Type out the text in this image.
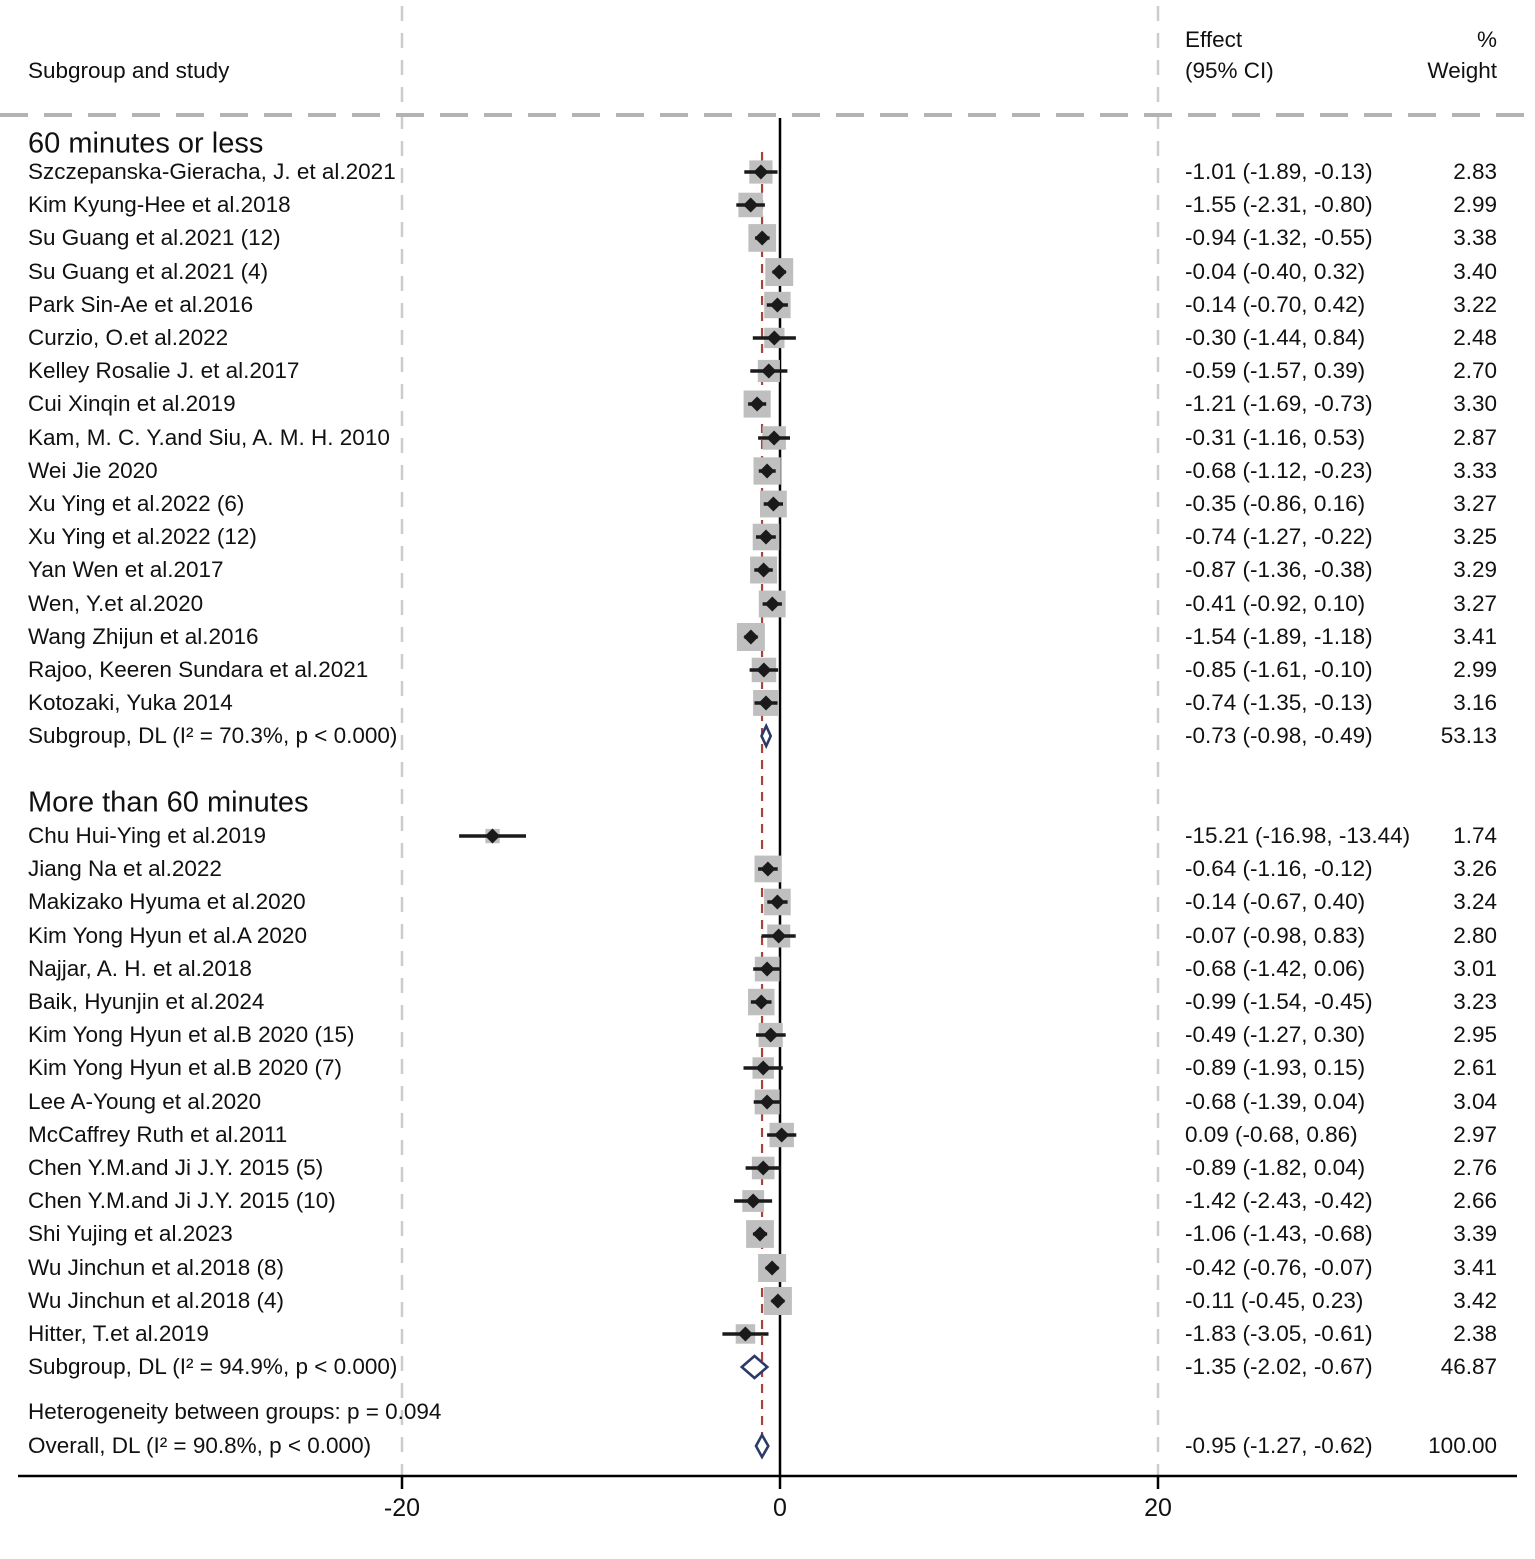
Subgroup and study
Effect
(95% CI)
%
Weight
60 minutes or less
More than 60 minutes
Heterogeneity between groups: p = 0.094
Overall, DL (I² = 90.8%, p < 0.000)	-0.95 (-1.27, -0.62) 100.00
-20	0	20
Szczepanska-Gieracha, J. et al.2021	-1.01 (-1.89, -0.13)	2.83
Kim Kyung-Hee et al.2018	-1.55 (-2.31, -0.80)	2.99
Su Guang et al.2021 (12)	-0.94 (-1.32, -0.55)	3.38
Su Guang et al.2021 (4)	-0.04 (-0.40, 0.32)	3.40
Park Sin-Ae et al.2016	-0.14 (-0.70, 0.42)	3.22
Curzio, O.et al.2022	-0.30 (-1.44, 0.84)	2.48
Kelley Rosalie J. et al.2017	-0.59 (-1.57, 0.39)	2.70
Cui Xinqin et al.2019	-1.21 (-1.69, -0.73)	3.30
Kam, M. C. Y.and Siu, A. M. H. 2010	-0.31 (-1.16, 0.53)	2.87
Wei Jie 2020	-0.68 (-1.12, -0.23)	3.33
Xu Ying et al.2022 (6)	-0.35 (-0.86, 0.16)	3.27
Xu Ying et al.2022 (12)	-0.74 (-1.27, -0.22)	3.25
Yan Wen et al.2017	-0.87 (-1.36, -0.38)	3.29
Wen, Y.et al.2020	-0.41 (-0.92, 0.10)	3.27
Wang Zhijun et al.2016	-1.54 (-1.89, -1.18)	3.41
Rajoo, Keeren Sundara et al.2021	-0.85 (-1.61, -0.10)	2.99
Kotozaki, Yuka 2014	-0.74 (-1.35, -0.13)	3.16
Subgroup, DL (I² = 70.3%, p < 0.000)	-0.73 (-0.98, -0.49)	53.13
Chu Hui-Ying et al.2019	-15.21 (-16.98, -13.44) 1.74
Jiang Na et al.2022	-0.64 (-1.16, -0.12)	3.26
Makizako Hyuma et al.2020	-0.14 (-0.67, 0.40)	3.24
Kim Yong Hyun et al.A 2020	-0.07 (-0.98, 0.83)	2.80
Najjar, A. H. et al.2018	-0.68 (-1.42, 0.06)	3.01
Baik, Hyunjin et al.2024	-0.99 (-1.54, -0.45)	3.23
Kim Yong Hyun et al.B 2020 (15)	-0.49 (-1.27, 0.30)	2.95
Kim Yong Hyun et al.B 2020 (7)	-0.89 (-1.93, 0.15)	2.61
Lee A-Young et al.2020	-0.68 (-1.39, 0.04)	3.04
McCaffrey Ruth et al.2011	0.09 (-0.68, 0.86)	2.97
Chen Y.M.and Ji J.Y. 2015 (5)	-0.89 (-1.82, 0.04)	2.76
Chen Y.M.and Ji J.Y. 2015 (10)	-1.42 (-2.43, -0.42)	2.66
Shi Yujing et al.2023	-1.06 (-1.43, -0.68)	3.39
Wu Jinchun et al.2018 (8)	-0.42 (-0.76, -0.07)	3.41
Wu Jinchun et al.2018 (4)	-0.11 (-0.45, 0.23)	3.42
Hitter, T.et al.2019	-1.83 (-3.05, -0.61)	2.38
Subgroup, DL (I² = 94.9%, p < 0.000)	-1.35 (-2.02, -0.67)	46.87
